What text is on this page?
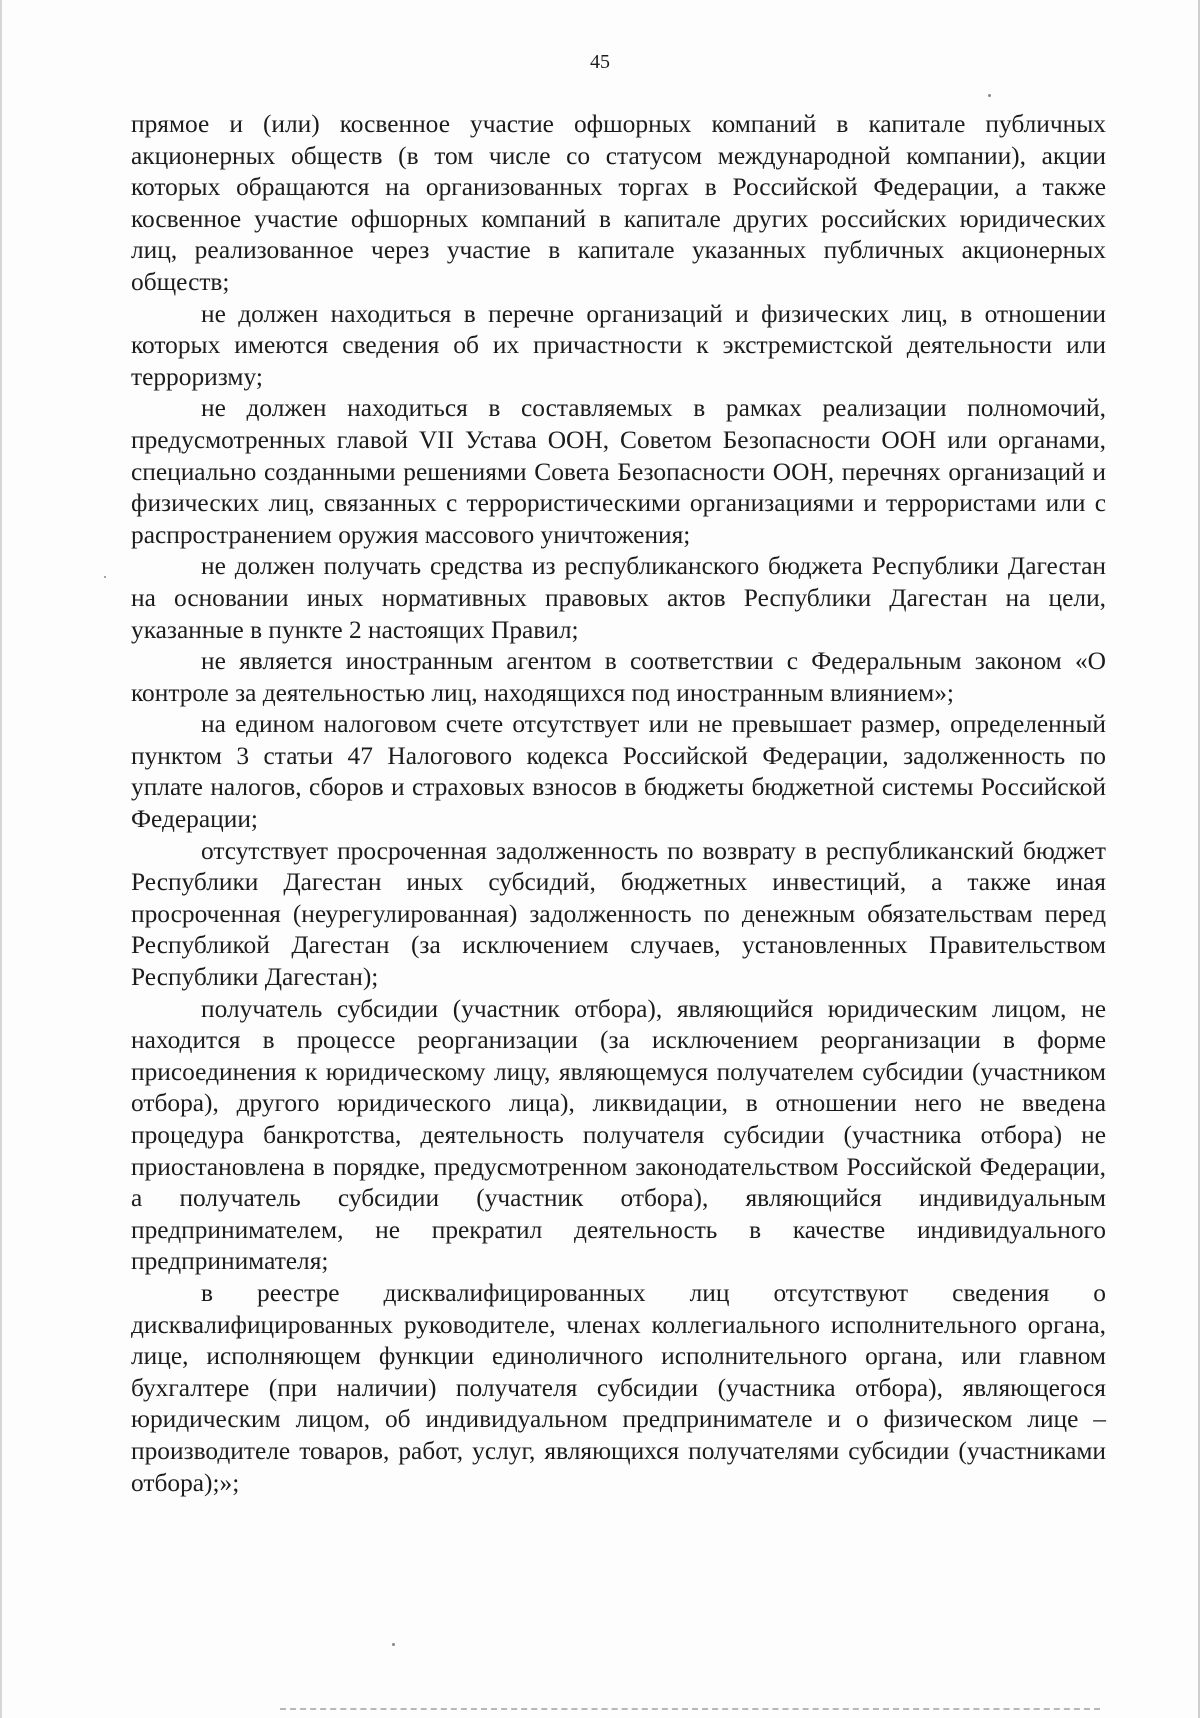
45

прямое и (или) косвенное участие офшорных компаний в капитале публичных акционерных обществ (в том числе со статусом международной компании), акции которых обращаются на организованных торгах в Российской Федерации, а также косвенное участие офшорных компаний в капитале других российских юридических лиц, реализованное через участие в капитале указанных публичных акционерных обществ;

не должен находиться в перечне организаций и физических лиц, в отношении которых имеются сведения об их причастности к экстремистской деятельности или терроризму;

не должен находиться в составляемых в рамках реализации полномочий, предусмотренных главой VII Устава ООН, Советом Безопасности ООН или органами, специально созданными решениями Совета Безопасности ООН, перечнях организаций и физических лиц, связанных с террористическими организациями и террористами или с распространением оружия массового уничтожения;

не должен получать средства из республиканского бюджета Республики Дагестан на основании иных нормативных правовых актов Республики Дагестан на цели, указанные в пункте 2 настоящих Правил;

не является иностранным агентом в соответствии с Федеральным законом «О контроле за деятельностью лиц, находящихся под иностранным влиянием»;

на едином налоговом счете отсутствует или не превышает размер, определенный пунктом 3 статьи 47 Налогового кодекса Российской Федерации, задолженность по уплате налогов, сборов и страховых взносов в бюджеты бюджетной системы Российской Федерации;

отсутствует просроченная задолженность по возврату в республиканский бюджет Республики Дагестан иных субсидий, бюджетных инвестиций, а также иная просроченная (неурегулированная) задолженность по денежным обязательствам перед Республикой Дагестан (за исключением случаев, установленных Правительством Республики Дагестан);

получатель субсидии (участник отбора), являющийся юридическим лицом, не находится в процессе реорганизации (за исключением реорганизации в форме присоединения к юридическому лицу, являющемуся получателем субсидии (участником отбора), другого юридического лица), ликвидации, в отношении него не введена процедура банкротства, деятельность получателя субсидии (участника отбора) не приостановлена в порядке, предусмотренном законодательством Российской Федерации, а получатель субсидии (участник отбора), являющийся индивидуальным предпринимателем, не прекратил деятельность в качестве индивидуального предпринимателя;

в реестре дисквалифицированных лиц отсутствуют сведения о дисквалифицированных руководителе, членах коллегиального исполнительного органа, лице, исполняющем функции единоличного исполнительного органа, или главном бухгалтере (при наличии) получателя субсидии (участника отбора), являющегося юридическим лицом, об индивидуальном предпринимателе и о физическом лице – производителе товаров, работ, услуг, являющихся получателями субсидии (участниками отбора);»;
